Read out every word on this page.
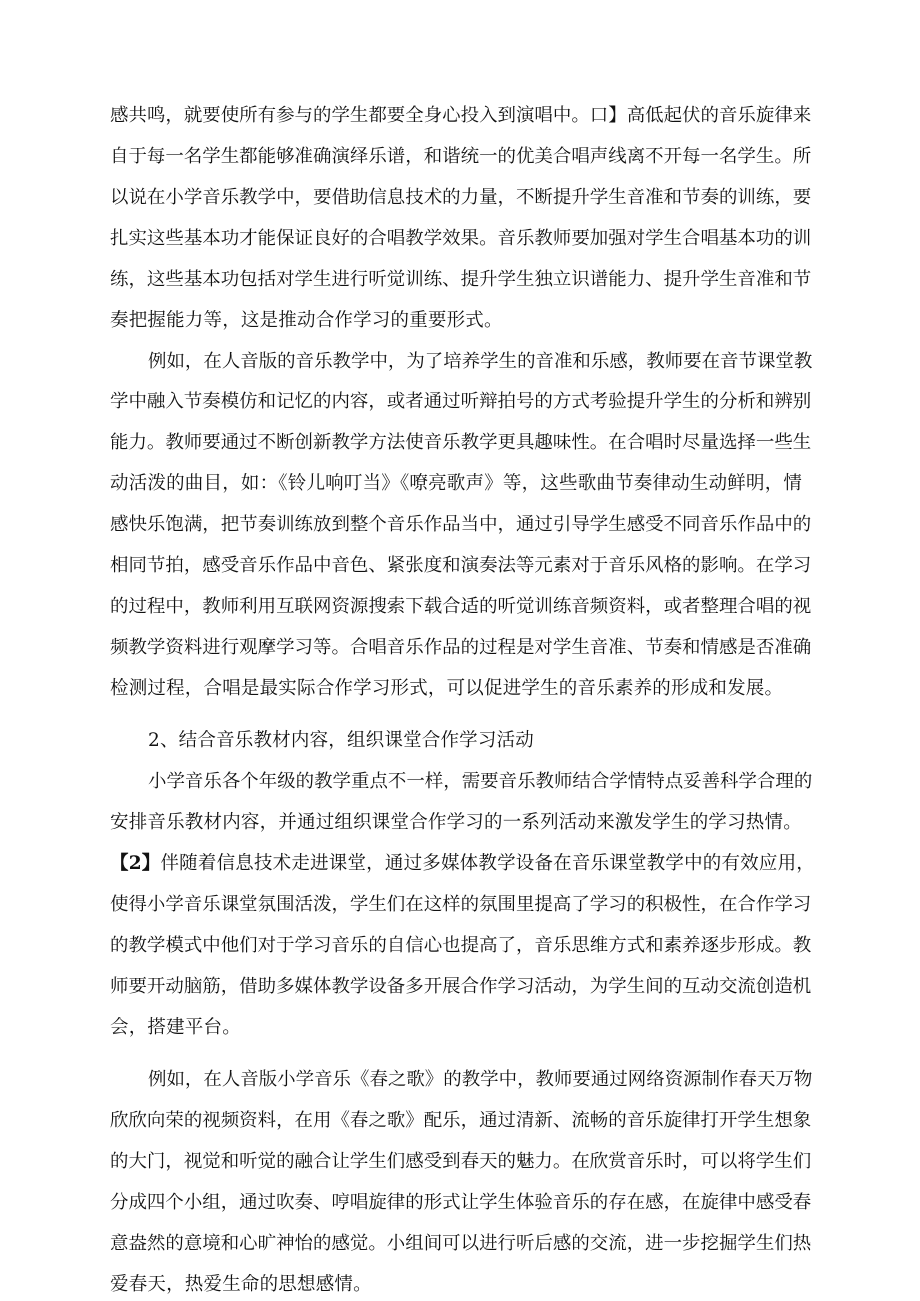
感共鸣，就要使所有参与的学生都要全身心投入到演唱中。口】高低起伏的音乐旋律来
自于每一名学生都能够准确演绎乐谱，和谐统一的优美合唱声线离不开每一名学生。所
以说在小学音乐教学中，要借助信息技术的力量，不断提升学生音准和节奏的训练，要
扎实这些基本功才能保证良好的合唱教学效果。音乐教师要加强对学生合唱基本功的训
练，这些基本功包括对学生进行听觉训练、提升学生独立识谱能力、提升学生音准和节
奏把握能力等，这是推动合作学习的重要形式。
例如，在人音版的音乐教学中，为了培养学生的音准和乐感，教师要在音节课堂教
学中融入节奏模仿和记忆的内容，或者通过听辩拍号的方式考验提升学生的分析和辨别
能力。教师要通过不断创新教学方法使音乐教学更具趣味性。在合唱时尽量选择一些生
动活泼的曲目，如：《铃儿响叮当》《嘹亮歌声》等，这些歌曲节奏律动生动鲜明，情
感快乐饱满，把节奏训练放到整个音乐作品当中，通过引导学生感受不同音乐作品中的
相同节拍，感受音乐作品中音色、紧张度和演奏法等元素对于音乐风格的影响。在学习
的过程中，教师利用互联网资源搜索下载合适的听觉训练音频资料，或者整理合唱的视
频教学资料进行观摩学习等。合唱音乐作品的过程是对学生音准、节奏和情感是否准确
检测过程，合唱是最实际合作学习形式，可以促进学生的音乐素养的形成和发展。
2、结合音乐教材内容，组织课堂合作学习活动
小学音乐各个年级的教学重点不一样，需要音乐教师结合学情特点妥善科学合理的
安排音乐教材内容，并通过组织课堂合作学习的一系列活动来激发学生的学习热情。
【2】伴随着信息技术走进课堂，通过多媒体教学设备在音乐课堂教学中的有效应用，
使得小学音乐课堂氛围活泼，学生们在这样的氛围里提高了学习的积极性，在合作学习
的教学模式中他们对于学习音乐的自信心也提高了，音乐思维方式和素养逐步形成。教
师要开动脑筋，借助多媒体教学设备多开展合作学习活动，为学生间的互动交流创造机
会，搭建平台。
例如，在人音版小学音乐《春之歌》的教学中，教师要通过网络资源制作春天万物
欣欣向荣的视频资料，在用《春之歌》配乐，通过清新、流畅的音乐旋律打开学生想象
的大门，视觉和听觉的融合让学生们感受到春天的魅力。在欣赏音乐时，可以将学生们
分成四个小组，通过吹奏、哼唱旋律的形式让学生体验音乐的存在感，在旋律中感受春
意盎然的意境和心旷神怡的感觉。小组间可以进行听后感的交流，进一步挖掘学生们热
爱春天，热爱生命的思想感情。
